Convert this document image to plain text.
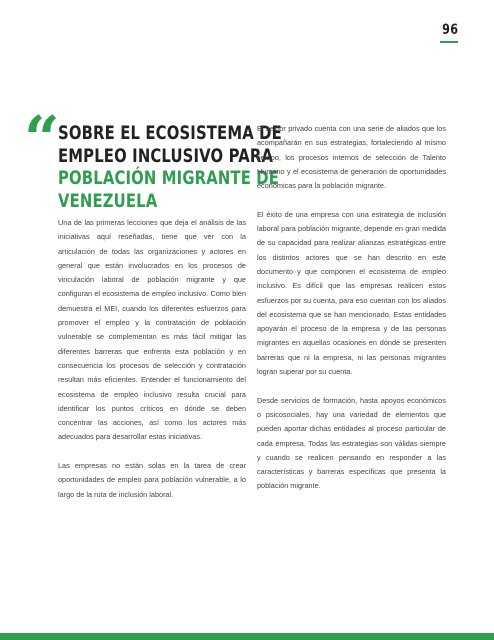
96
“
SOBRE EL ECOSISTEMA DE
EMPLEO INCLUSIVO PARA
POBLACIÓN MIGRANTE DE
VENEZUELA

Una de las primeras lecciones que deja el análisis de las iniciativas aquí reseñadas, tiene que ver con la articulación de todas las organizaciones y actores en general que están involucrados en los procesos de vinculación laboral de población migrante y que configuran el ecosistema de empleo inclusivo. Como bien demuestra el MEI, cuando los diferentes esfuerzos para promover el empleo y la contratación de población vulnerable se complementan es más fácil mitigar las diferentes barreras que enfrenta esta población y en consecuencia los procesos de selección y contratación resultan más eficientes. Entender el funcionamiento del ecosistema de empleo inclusivo resulta crucial para identificar los puntos críticos en dónde se deben concentrar las acciones, así como los actores más adecuados para desarrollar estas iniciativas.

Las empresas no están solas en la tarea de crear oportunidades de empleo para población vulnerable, a lo largo de la ruta de inclusión laboral.

El sector privado cuenta con una serie de aliados que los acompañarán en sus estrategias, fortaleciendo al mismo tiempo, los procesos internos de selección de Talento Humano y el ecosistema de generación de oportunidades económicas para la población migrante.

El éxito de una empresa con una estrategia de inclusión laboral para población migrante, depende en gran medida de su capacidad para realizar alianzas estratégicas entre los distintos actores que se han descrito en este documento y que componen el ecosistema de empleo inclusivo. Es difícil que las empresas realicen estos esfuerzos por su cuenta, para eso cuentan con los aliados del ecosistema que se han mencionado. Estas entidades apoyarán el proceso de la empresa y de las personas migrantes en aquellas ocasiones en dónde se presenten barreras que ni la empresa, ni las personas migrantes logran superar por su cuenta.

Desde servicios de formación, hasta apoyos económicos o psicosociales, hay una variedad de elementos que pueden aportar dichas entidades al proceso particular de cada empresa. Todas las estrategias son válidas siempre y cuando se realicen pensando en responder a las características y barreras específicas que presenta la población migrante.
